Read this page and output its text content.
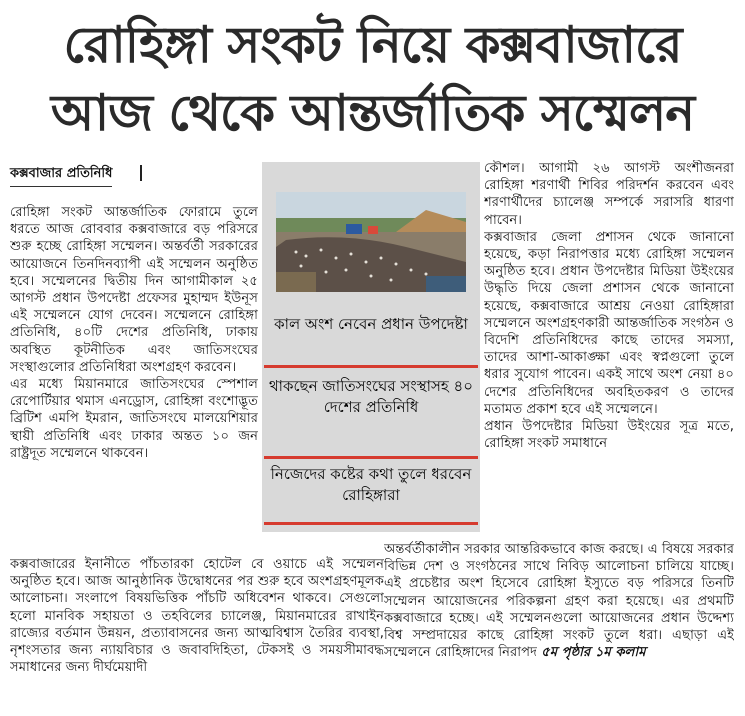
রোহিঙ্গা সংকট নিয়ে কক্সবাজারে
আজ থেকে আন্তর্জাতিক সম্মেলন
কক্সবাজার প্রতিনিধি

রোহিঙ্গা সংকট আন্তর্জাতিক ফোরামে তুলে ধরতে আজ রোববার কক্সবাজারে বড় পরিসরে শুরু হচ্ছে রোহিঙ্গা সম্মেলন। অন্তর্বর্তী সরকারের আয়োজনে তিনদিনব্যাপী এই সম্মেলন অনুষ্ঠিত হবে। সম্মেলনের দ্বিতীয় দিন আগামীকাল ২৫ আগস্ট প্রধান উপদেষ্টা প্রফেসর মুহাম্মদ ইউনূস এই সম্মেলনে যোগ দেবেন। সম্মেলনে রোহিঙ্গা প্রতিনিধি, ৪০টি দেশের প্রতিনিধি, ঢাকায় অবস্থিত কূটনীতিক এবং জাতিসংঘের সংস্থাগুলোর প্রতিনিধিরা অংশগ্রহণ করবেন।
এর মধ্যে মিয়ানমারে জাতিসংঘের স্পেশাল রেপোর্টিয়ার থমাস এনড্রোস, রোহিঙ্গা বংশোদ্ভূত ব্রিটিশ এমপি ইমরান, জাতিসংঘে মালয়েশিয়ার স্থায়ী প্রতিনিধি এবং ঢাকার অন্তত ১০ জন রাষ্ট্রদূত সম্মেলনে থাকবেন।

কাল অংশ নেবেন প্রধান উপদেষ্টা
থাকছেন জাতিসংঘের সংস্থাসহ ৪০ দেশের প্রতিনিধি
নিজেদের কষ্টের কথা তুলে ধরবেন রোহিঙ্গারা

কৌশল। আগামী ২৬ আগস্ট অংশীজনরা রোহিঙ্গা শরণার্থী শিবির পরিদর্শন করবেন এবং শরণার্থীদের চ্যালেঞ্জ সম্পর্কে সরাসরি ধারণা পাবেন।
কক্সবাজার জেলা প্রশাসন থেকে জানানো হয়েছে, কড়া নিরাপত্তার মধ্যে রোহিঙ্গা সম্মেলন অনুষ্ঠিত হবে। প্রধান উপদেষ্টার মিডিয়া উইংয়ের উদ্ধৃতি দিয়ে জেলা প্রশাসন থেকে জানানো হয়েছে, কক্সবাজারে আশ্রয় নেওয়া রোহিঙ্গারা সম্মেলনে অংশগ্রহণকারী আন্তর্জাতিক সংগঠন ও বিদেশি প্রতিনিধিদের কাছে তাদের সমস্যা, তাদের আশা-আকাঙ্ক্ষা এবং স্বপ্নগুলো তুলে ধরার সুযোগ পাবেন। একই সাথে অংশ নেয়া ৪০ দেশের প্রতিনিধিদের অবহিতকরণ ও তাদের মতামত প্রকাশ হবে এই সম্মেলনে।
প্রধান উপদেষ্টার মিডিয়া উইংয়ের সূত্র মতে, রোহিঙ্গা সংকট সমাধানে

কক্সবাজারের ইনানীতে পাঁচতারকা হোটেল বে ওয়াচে এই সম্মেলন অনুষ্ঠিত হবে। আজ আনুষ্ঠানিক উদ্বোধনের পর শুরু হবে অংশগ্রহণমূলক আলোচনা। সংলাপে বিষয়ভিত্তিক পাঁচটি অধিবেশন থাকবে। সেগুলো হলো মানবিক সহায়তা ও তহবিলের চ্যালেঞ্জ, মিয়ানমারের রাখাইন রাজ্যের বর্তমান উন্নয়ন, প্রত্যাবাসনের জন্য আত্মবিশ্বাস তৈরির ব্যবস্থা, নৃশংসতার জন্য ন্যায়বিচার ও জবাবদিহিতা, টেকসই ও সময়সীমাবদ্ধ সমাধানের জন্য দীর্ঘমেয়াদী

অন্তর্বর্তীকালীন সরকার আন্তরিকভাবে কাজ করছে। এ বিষয়ে সরকার বিভিন্ন দেশ ও সংগঠনের সাথে নিবিড় আলোচনা চালিয়ে যাচ্ছে। এই প্রচেষ্টার অংশ হিসেবে রোহিঙ্গা ইস্যুতে বড় পরিসরে তিনটি সম্মেলন আয়োজনের পরিকল্পনা গ্রহণ করা হয়েছে। এর প্রথমটি কক্সবাজারে হচ্ছে। এই সম্মেলনগুলো আয়োজনের প্রধান উদ্দেশ্য বিশ্ব সম্প্রদায়ের কাছে রোহিঙ্গা সংকট তুলে ধরা। এছাড়া এই সম্মেলনে রোহিঙ্গাদের নিরাপদ ৫ম পৃষ্ঠার ১ম কলাম
